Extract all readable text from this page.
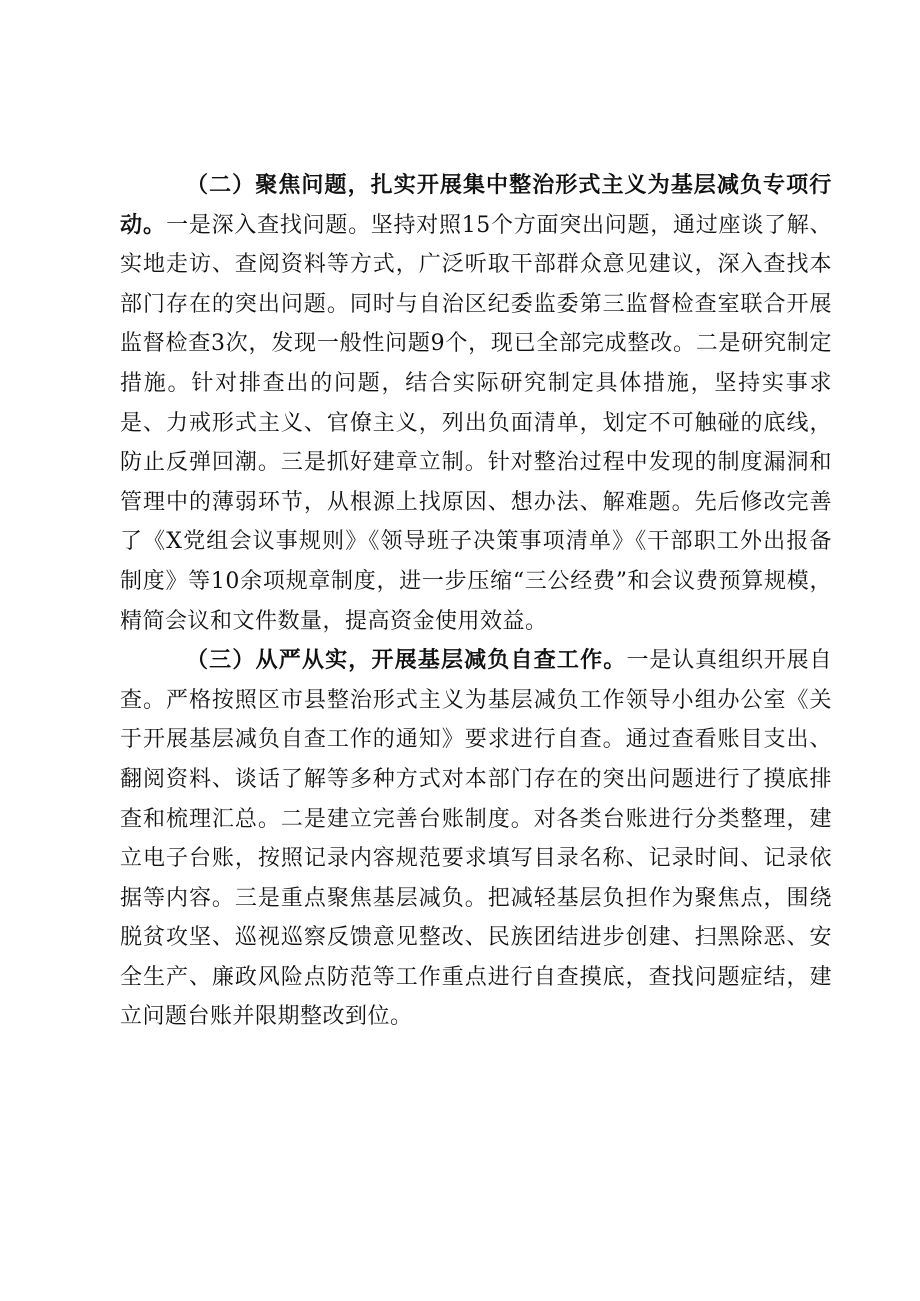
（二）聚焦问题，扎实开展集中整治形式主义为基层减负专项行动。一是深入查找问题。坚持对照15个方面突出问题，通过座谈了解、实地走访、查阅资料等方式，广泛听取干部群众意见建议，深入查找本部门存在的突出问题。同时与自治区纪委监委第三监督检查室联合开展监督检查3次，发现一般性问题9个，现已全部完成整改。二是研究制定措施。针对排查出的问题，结合实际研究制定具体措施，坚持实事求是、力戒形式主义、官僚主义，列出负面清单，划定不可触碰的底线，防止反弹回潮。三是抓好建章立制。针对整治过程中发现的制度漏洞和管理中的薄弱环节，从根源上找原因、想办法、解难题。先后修改完善了《X党组会议事规则》《领导班子决策事项清单》《干部职工外出报备制度》等10余项规章制度，进一步压缩“三公经费”和会议费预算规模，精简会议和文件数量，提高资金使用效益。

（三）从严从实，开展基层减负自查工作。一是认真组织开展自查。严格按照区市县整治形式主义为基层减负工作领导小组办公室《关于开展基层减负自查工作的通知》要求进行自查。通过查看账目支出、翻阅资料、谈话了解等多种方式对本部门存在的突出问题进行了摸底排查和梳理汇总。二是建立完善台账制度。对各类台账进行分类整理，建立电子台账，按照记录内容规范要求填写目录名称、记录时间、记录依据等内容。三是重点聚焦基层减负。把减轻基层负担作为聚焦点，围绕脱贫攻坚、巡视巡察反馈意见整改、民族团结进步创建、扫黑除恶、安全生产、廉政风险点防范等工作重点进行自查摸底，查找问题症结，建立问题台账并限期整改到位。
